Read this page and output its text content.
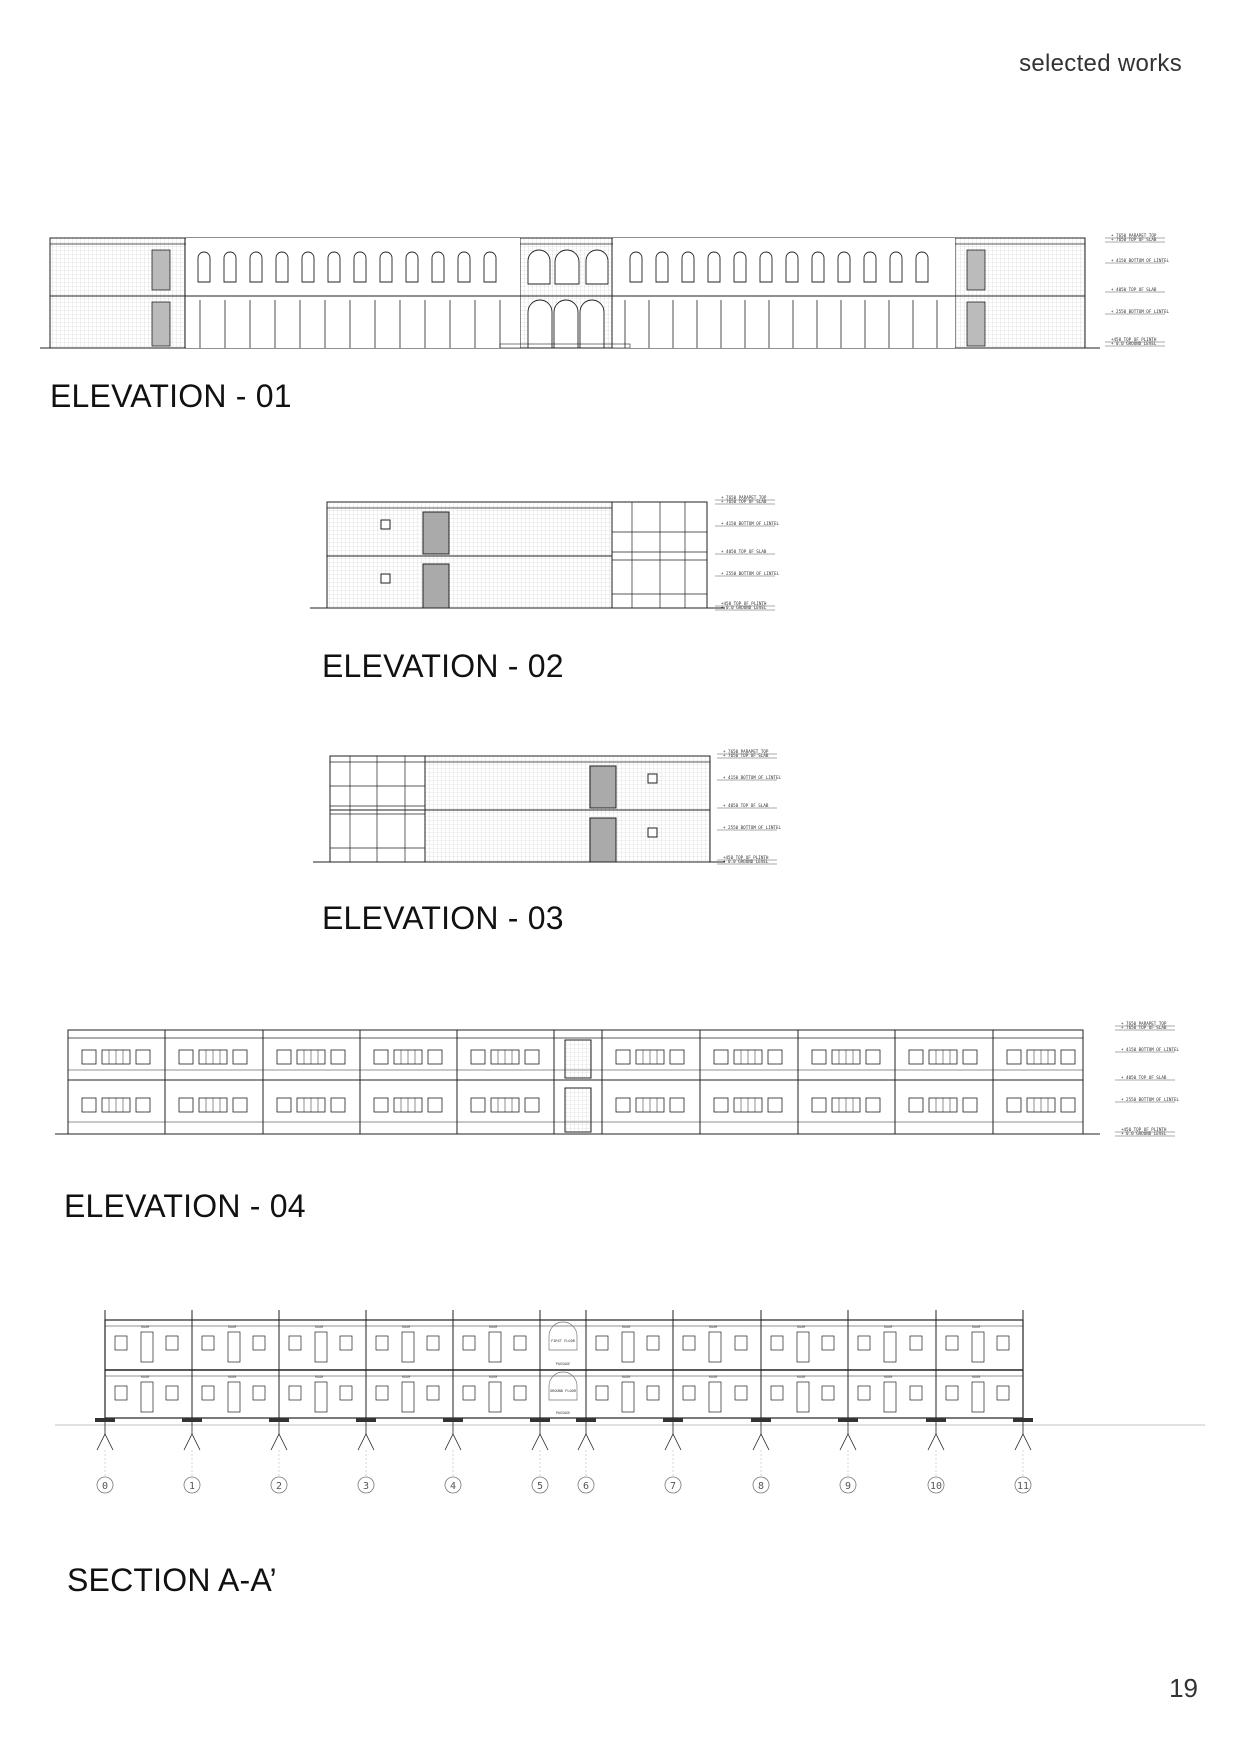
selected works
+ 7650 PARAPET TOP
+ 7650 TOP OF SLAB
+ 4150 BOTTOM OF LINTEL
+ 4050 TOP OF SLAB
+ 2550 BOTTOM OF LINTEL
+450 TOP OF PLINTH
+ 0.0 GROUND LEVEL
ELEVATION - 01
+ 7650 PARAPET TOP
+ 7650 TOP OF SLAB
+ 4150 BOTTOM OF LINTEL
+ 4050 TOP OF SLAB
+ 2550 BOTTOM OF LINTEL
+450 TOP OF PLINTH
+ 0.0 GROUND LEVEL
ELEVATION - 02
+ 7650 PARAPET TOP
+ 7650 TOP OF SLAB
+ 4150 BOTTOM OF LINTEL
+ 4050 TOP OF SLAB
+ 2550 BOTTOM OF LINTEL
+450 TOP OF PLINTH
+ 0.0 GROUND LEVEL
ELEVATION - 03
+ 7650 PARAPET TOP
+ 7650 TOP OF SLAB
+ 4150 BOTTOM OF LINTEL
+ 4050 TOP OF SLAB
+ 2550 BOTTOM OF LINTEL
+450 TOP OF PLINTH
+ 0.0 GROUND LEVEL
ELEVATION - 04
0	1	2	3	4	5	6	7	8	9	10	11
ROOM
ROOM
ROOM
ROOM
ROOM
ROOM
ROOM
ROOM
ROOM
ROOM
ROOM
ROOM
ROOM
ROOM
ROOM
ROOM
ROOM
ROOM
ROOM
ROOM
FIRST FLOOR
GROUND FLOOR
PASSAGE
PASSAGE
SECTION A-A’
19
